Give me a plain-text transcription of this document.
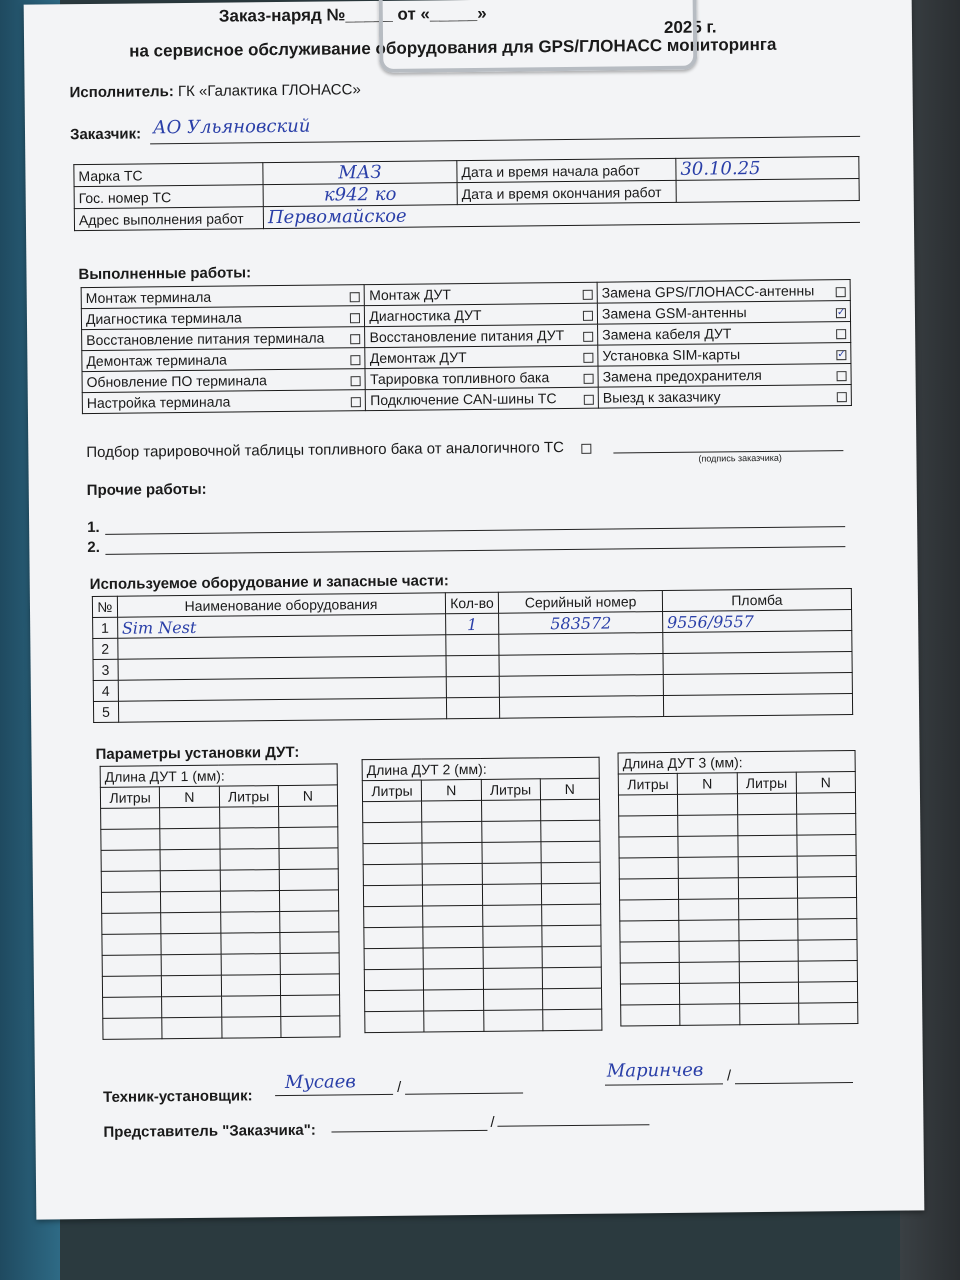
Заказ-наряд №_____ от «_____»
2025 г.
на сервисное обслуживание оборудования для GPS/ГЛОНАСС мониторинга
Исполнитель: ГК «Галактика ГЛОНАСС»
Заказчик: АО Ульяновский
Марка ТС	МАЗ	Дата и время начала работ	30.10.25
Гос. номер ТС	к942 ко	Дата и время окончания работ	
Адрес выполнения работ	Первомайское		
Выполненные работы:
Монтаж терминала	Монтаж ДУТ	Замена GPS/ГЛОНАСС-антенны

Диагностика терминала	Диагностика ДУТ	Замена GSM-антенны ✓

Восстановление питания терминала	Восстановление питания ДУТ	Замена кабеля ДУТ

Демонтаж терминала	Демонтаж ДУТ	Установка SIM-карты ✓

Обновление ПО терминала	Тарировка топливного бака	Замена предохранителя

Настройка терминала	Подключение CAN-шины ТС	Выезд к заказчику
Подбор тарировочной таблицы топливного бака от аналогичного ТС	(подпись заказчика)
Прочие работы:
1.
2.
Используемое оборудование и запасные части:
№	Наименование оборудования	Кол-во	Серийный номер	Пломба
1	Sim Nest	1	583572	9556/9557
2				
3				
4				
5				
Параметры установки ДУТ:
Длина ДУТ 1 (мм):			
Литры	N	Литры	N

Длина ДУТ 2 (мм):			
Литры	N	Литры	N

Длина ДУТ 3 (мм):			
Литры	N	Литры	N

Техник-установщик:
Мусаев	/
Маринчев /
Представитель "Заказчика":	/
